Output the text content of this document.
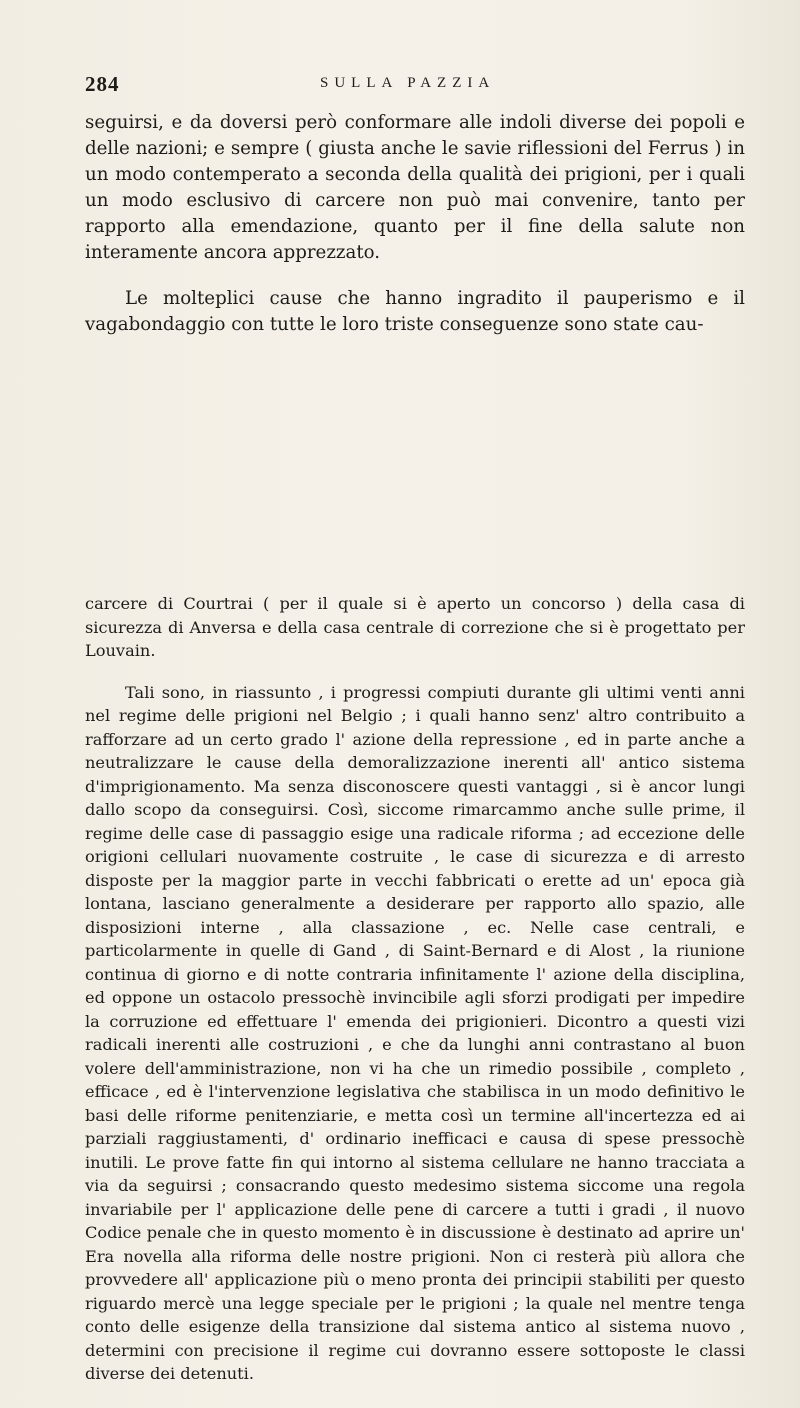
284	SULLA PAZZIA

seguirsi, e da doversi però conformare alle indoli diverse dei popoli e delle nazioni; e sempre ( giusta anche le savie riflessioni del Ferrus ) in un modo contemperato a seconda della qualità dei prigioni, per i quali un modo esclusivo di carcere non può mai convenire, tanto per rapporto alla emendazione, quanto per il fine della salute non interamente ancora apprezzato.

Le molteplici cause che hanno ingradito il pauperismo e il vagabondaggio con tutte le loro triste conseguenze sono state cau-

carcere di Courtrai ( per il quale si è aperto un concorso ) della casa di sicurezza di Anversa e della casa centrale di correzione che si è progettato per Louvain.

Tali sono, in riassunto , i progressi compiuti durante gli ultimi venti anni nel regime delle prigioni nel Belgio ; i quali hanno senz' altro contribuito a rafforzare ad un certo grado l' azione della repressione , ed in parte anche a neutralizzare le cause della demoralizzazione inerenti all' antico sistema d'imprigionamento. Ma senza disconoscere questi vantaggi , si è ancor lungi dallo scopo da conseguirsi. Così, siccome rimarcammo anche sulle prime, il regime delle case di passaggio esige una radicale riforma ; ad eccezione delle origioni cellulari nuovamente costruite , le case di sicurezza e di arresto disposte per la maggior parte in vecchi fabbricati o erette ad un' epoca già lontana, lasciano generalmente a desiderare per rapporto allo spazio, alle disposizioni interne , alla classazione , ec. Nelle case centrali, e particolarmente in quelle di Gand , di Saint-Bernard e di Alost , la riunione continua di giorno e di notte contraria infinitamente l' azione della disciplina, ed oppone un ostacolo pressochè invincibile agli sforzi prodigati per impedire la corruzione ed effettuare l' emenda dei prigionieri. Dicontro a questi vizi radicali inerenti alle costruzioni , e che da lunghi anni contrastano al buon volere dell'amministrazione, non vi ha che un rimedio possibile , completo , efficace , ed è l'intervenzione legislativa che stabilisca in un modo definitivo le basi delle riforme penitenziarie, e metta così un termine all'incertezza ed ai parziali raggiustamenti, d' ordinario inefficaci e causa di spese pressochè inutili. Le prove fatte fin qui intorno al sistema cellulare ne hanno tracciata a via da seguirsi ; consacrando questo medesimo sistema siccome una regola invariabile per l' applicazione delle pene di carcere a tutti i gradi , il nuovo Codice penale che in questo momento è in discussione è destinato ad aprire un' Era novella alla riforma delle nostre prigioni. Non ci resterà più allora che provvedere all' applicazione più o meno pronta dei principii stabiliti per questo riguardo mercè una legge speciale per le prigioni ; la quale nel mentre tenga conto delle esigenze della transizione dal sistema antico al sistema nuovo , determini con precisione il regime cui dovranno essere sottoposte le classi diverse dei detenuti.
